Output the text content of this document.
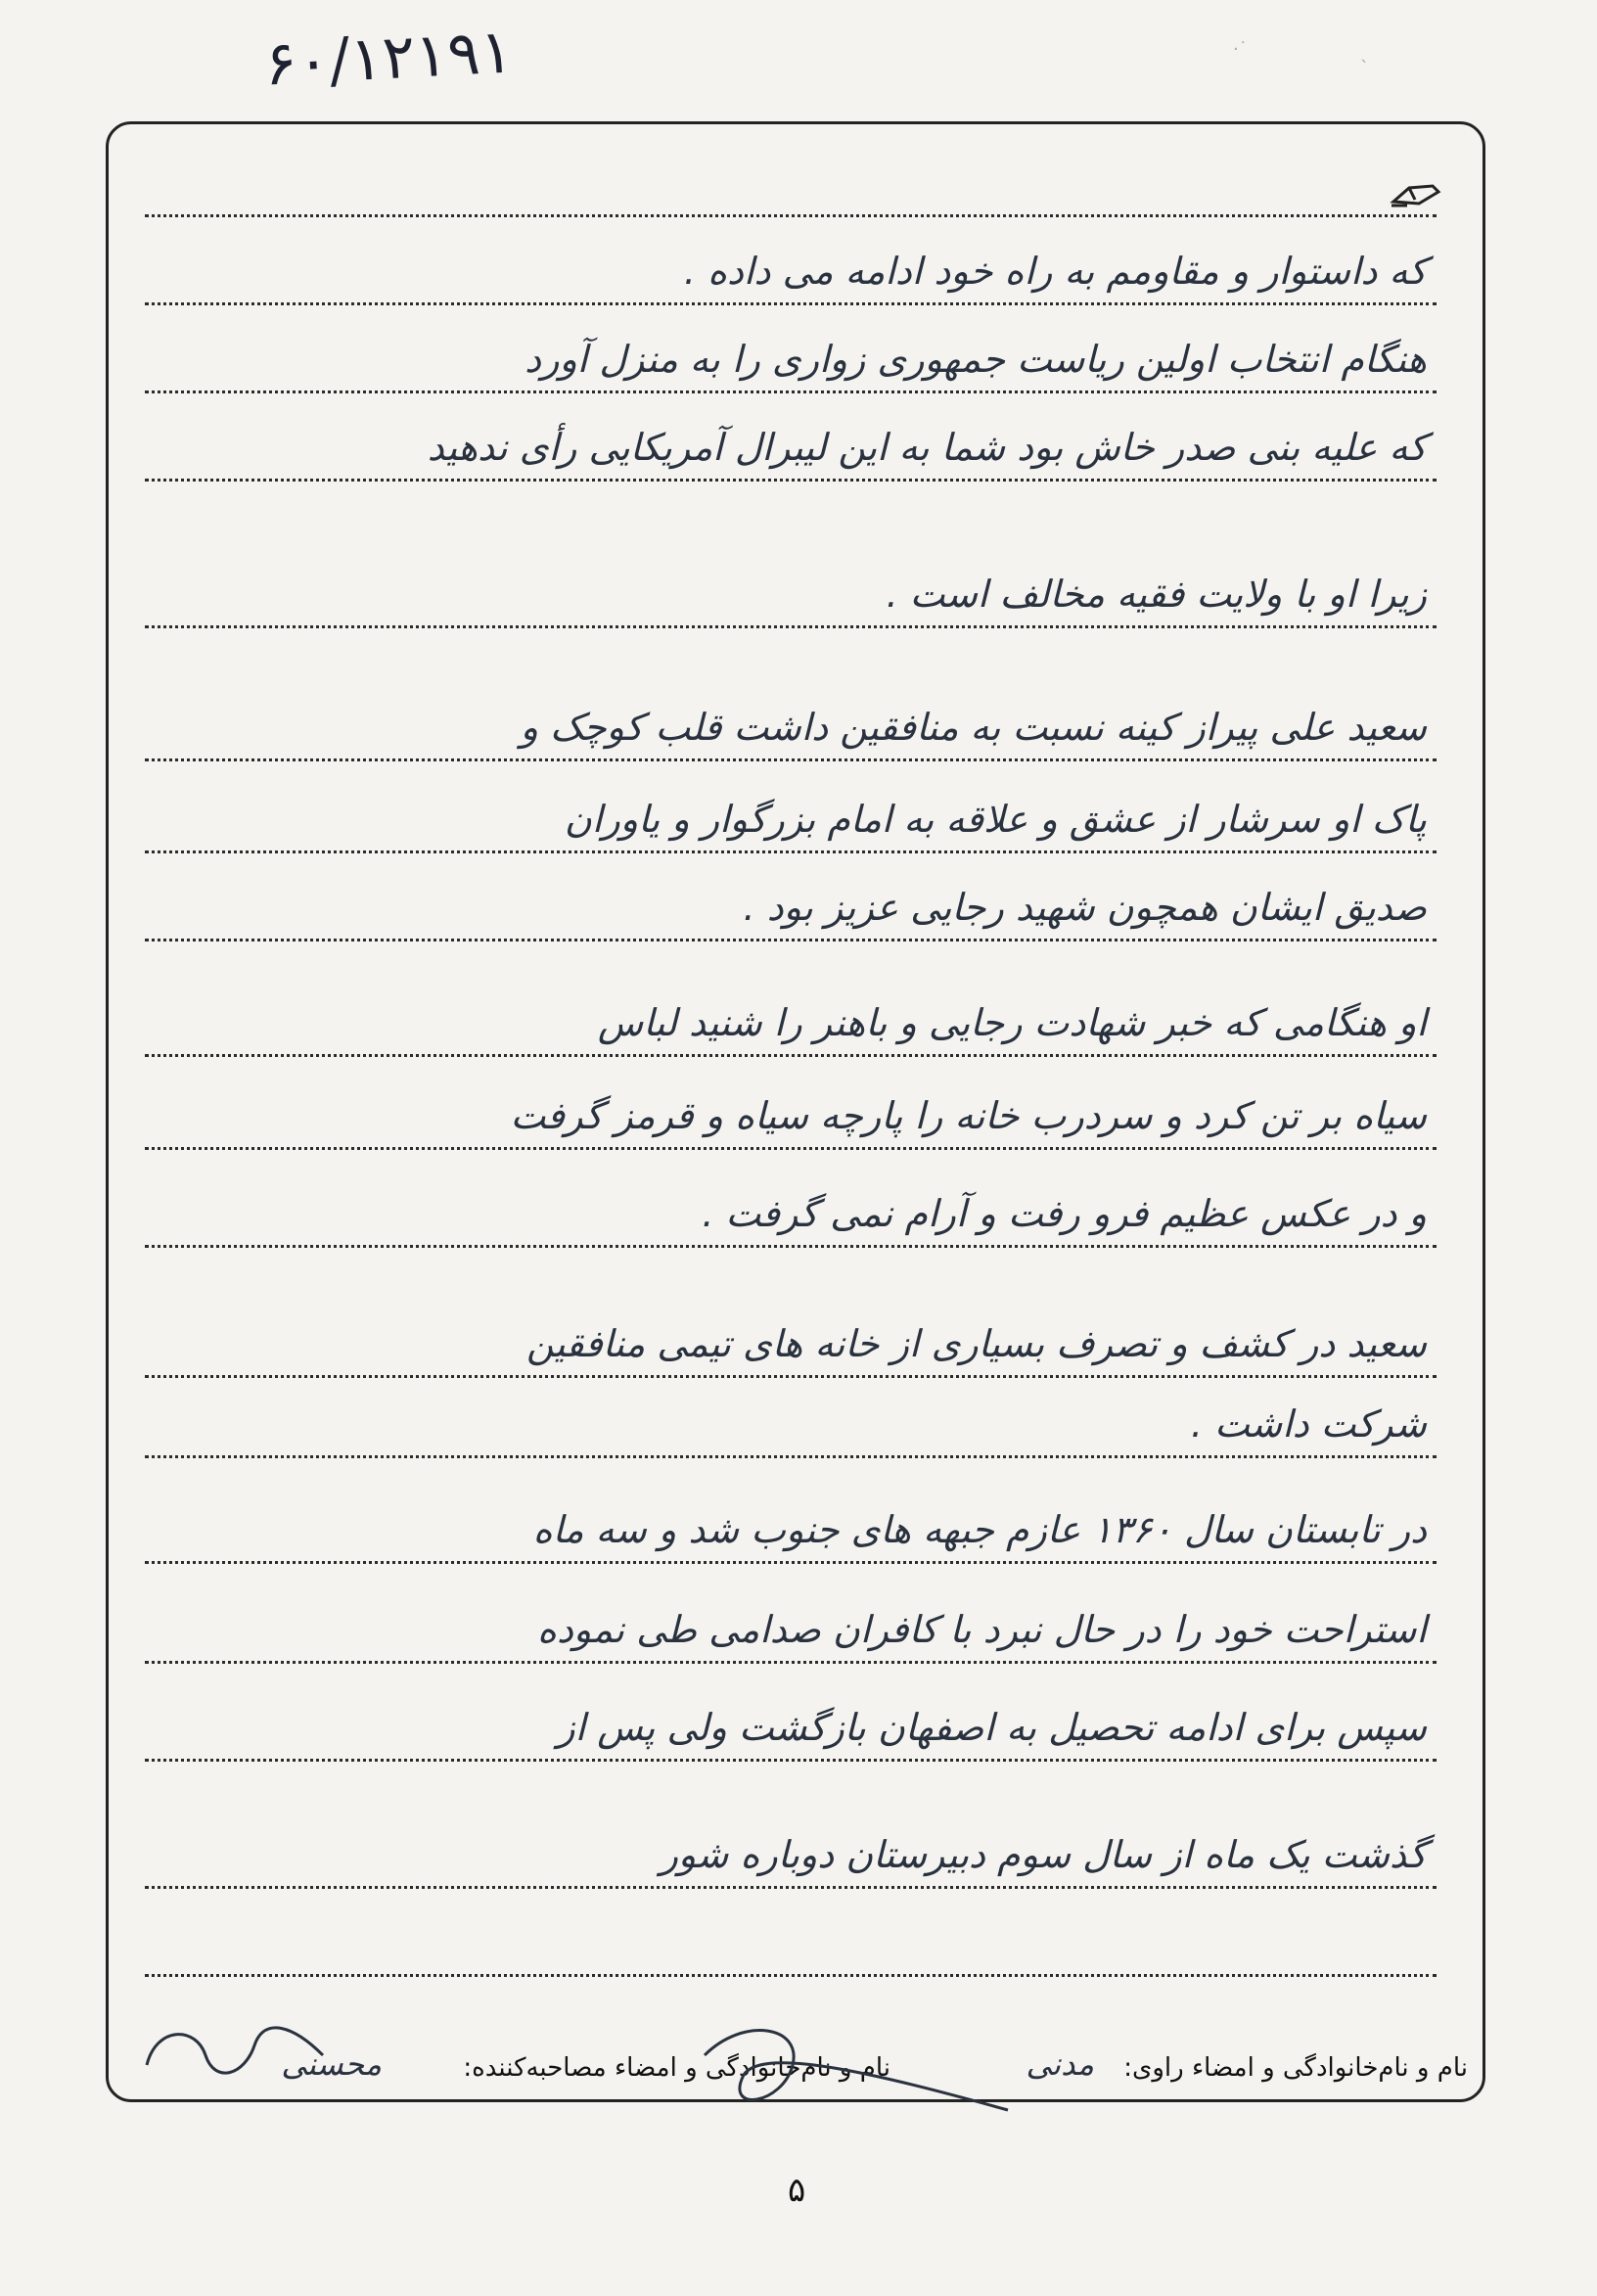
۶۰/۱۲۱۹۱	·˙	ˎ
که داستوار و مقاومم به راه خود ادامه می داده .
هنگام انتخاب اولین ریاست جمهوری زواری را به منزل آورد
که علیه بنی صدر خاش بود شما به این لیبرال آمریکایی رأی ندهید
زیرا او با ولایت فقیه مخالف است .
سعید علی پیراز کینه نسبت به منافقین داشت قلب کوچک و
پاک او سرشار از عشق و علاقه به امام بزرگوار و یاوران
صدیق ایشان همچون شهید رجایی عزیز بود .
او هنگامی که خبر شهادت رجایی و باهنر را شنید لباس
سیاه بر تن کرد و سردرب خانه را پارچه سیاه و قرمز گرفت
و در عکس عظیم فرو رفت و آرام نمی گرفت .
سعید در کشف و تصرف بسیاری از خانه های تیمی منافقین
شرکت داشت .
در تابستان سال ۱۳۶۰ عازم جبهه های جنوب شد و سه ماه
استراحت خود را در حال نبرد با کافران صدامی طی نموده
سپس برای ادامه تحصیل به اصفهان بازگشت ولی پس از
گذشت یک ماه از سال سوم دبیرستان دوباره شور
نام و نام‌خانوادگی و امضاء راوی:
مدنی
نام و نام‌خانوادگی و امضاء مصاحبه‌کننده:
محسنی
۵
